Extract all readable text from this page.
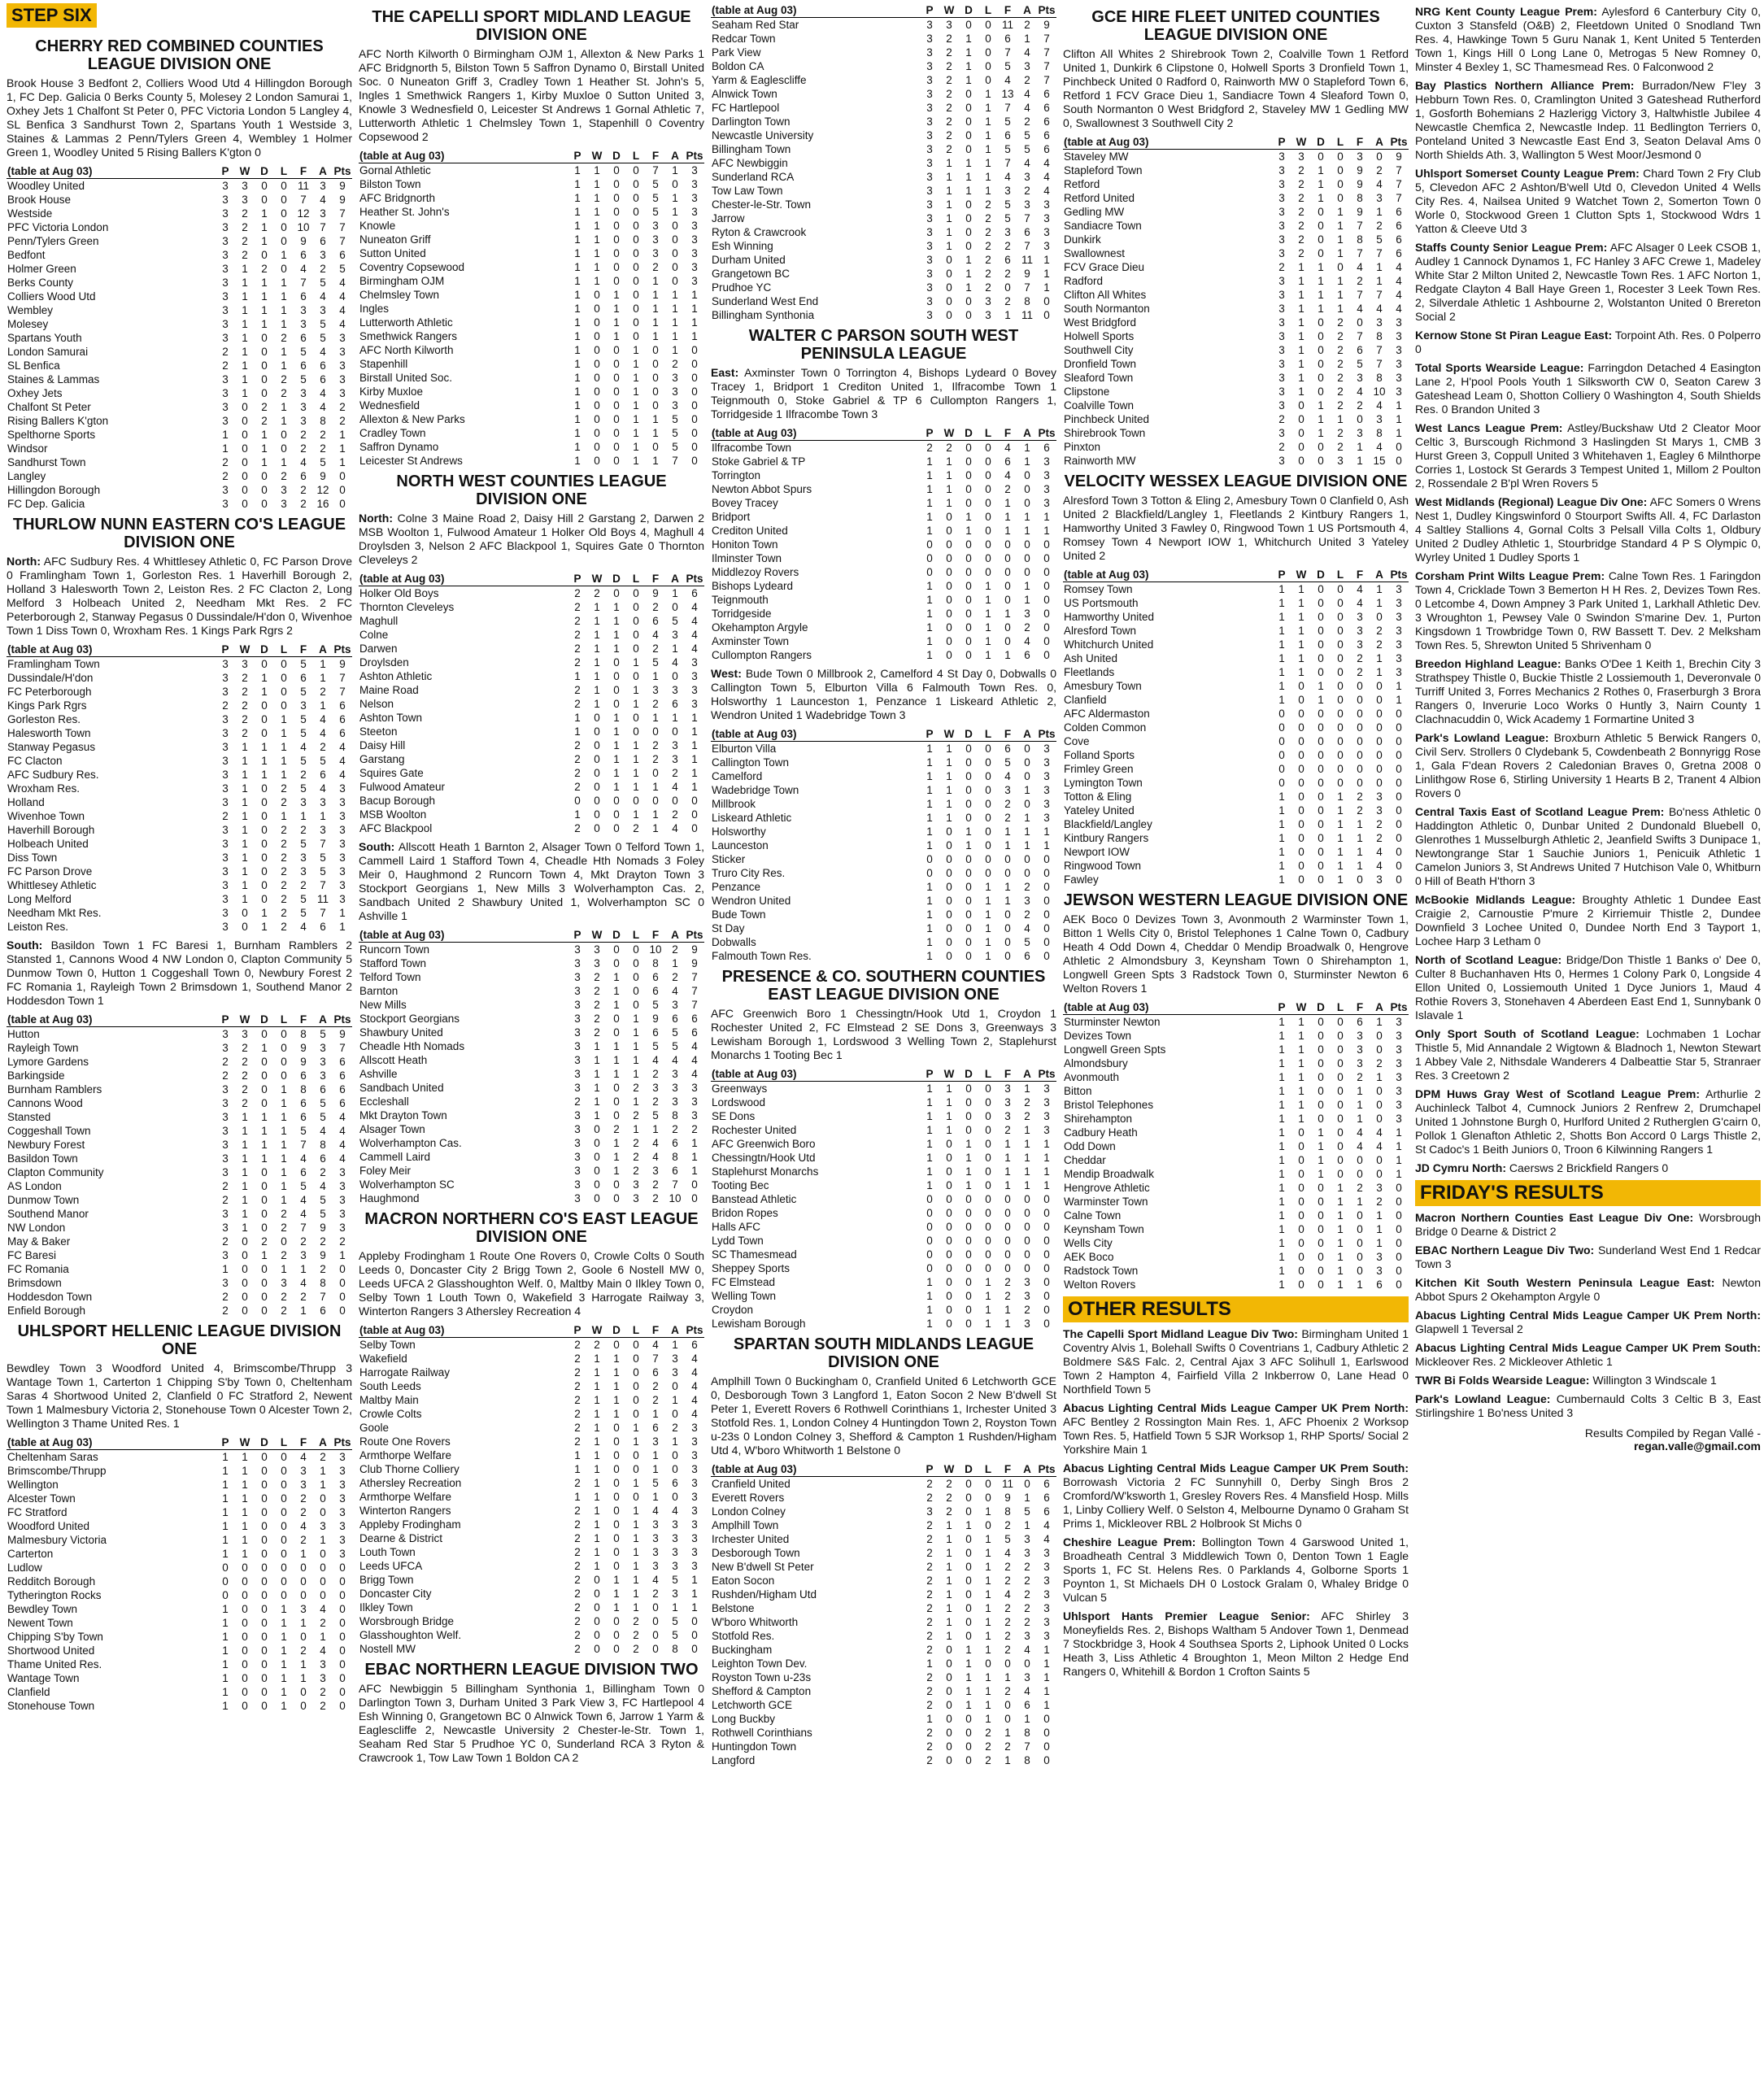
STEP SIX
CHERRY RED COMBINED COUNTIES LEAGUE DIVISION ONE

Brook House 3 Bedfont 2, Colliers Wood Utd 4 Hillingdon Borough 1, FC Dep. Galicia 0 Berks County 5, Molesey 2 London Samurai 1, Oxhey Jets 1 Chalfont St Peter 0, PFC Victoria London 5 Langley 4, SL Benfica 3 Sandhurst Town 2, Spartans Youth 1 Westside 3, Staines & Lammas 2 Penn/Tylers Green 4, Wembley 1 Holmer Green 1, Woodley United 5 Rising Ballers K'gton 0

(table at Aug 03)	P	W	D	L	F	A	Pts
Woodley United	3	3	0	0	11	3	9
Brook House	3	3	0	0	7	4	9
Westside	3	2	1	0	12	3	7
PFC Victoria London	3	2	1	0	10	7	7
Penn/Tylers Green	3	2	1	0	9	6	7
Bedfont	3	2	0	1	6	3	6
Holmer Green	3	1	2	0	4	2	5
Berks County	3	1	1	1	7	5	4
Colliers Wood Utd	3	1	1	1	6	4	4
Wembley	3	1	1	1	3	3	4
Molesey	3	1	1	1	3	5	4
Spartans Youth	3	1	0	2	6	5	3
London Samurai	2	1	0	1	5	4	3
SL Benfica	2	1	0	1	6	6	3
Staines & Lammas	3	1	0	2	5	6	3
Oxhey Jets	3	1	0	2	3	4	3
Chalfont St Peter	3	0	2	1	3	4	2
Rising Ballers K'gton	3	0	2	1	3	8	2
Spelthorne Sports	1	0	1	0	2	2	1
Windsor	1	0	1	0	2	2	1
Sandhurst Town	2	0	1	1	4	5	1
Langley	2	0	0	2	6	9	0
Hillingdon Borough	3	0	0	3	2	12	0
FC Dep. Galicia	3	0	0	3	2	16	0
THURLOW NUNN EASTERN CO'S LEAGUE DIVISION ONE

North: AFC Sudbury Res. 4 Whittlesey Athletic 0, FC Parson Drove 0 Framlingham Town 1, Gorleston Res. 1 Haverhill Borough 2, Holland 3 Halesworth Town 2, Leiston Res. 2 FC Clacton 2, Long Melford 3 Holbeach United 2, Needham Mkt Res. 2 FC Peterborough 2, Stanway Pegasus 0 Dussindale/H'don 0, Wivenhoe Town 1 Diss Town 0, Wroxham Res. 1 Kings Park Rgrs 2

(table at Aug 03)	P	W	D	L	F	A	Pts
Framlingham Town	3	3	0	0	5	1	9
Dussindale/H'don	3	2	1	0	6	1	7
FC Peterborough	3	2	1	0	5	2	7
Kings Park Rgrs	2	2	0	0	3	1	6
Gorleston Res.	3	2	0	1	5	4	6
Halesworth Town	3	2	0	1	5	4	6
Stanway Pegasus	3	1	1	1	4	2	4
FC Clacton	3	1	1	1	5	5	4
AFC Sudbury Res.	3	1	1	1	2	6	4
Wroxham Res.	3	1	0	2	5	4	3
Holland	3	1	0	2	3	3	3
Wivenhoe Town	2	1	0	1	1	1	3
Haverhill Borough	3	1	0	2	2	3	3
Holbeach United	3	1	0	2	5	7	3
Diss Town	3	1	0	2	3	5	3
FC Parson Drove	3	1	0	2	3	5	3
Whittlesey Athletic	3	1	0	2	2	7	3
Long Melford	3	1	0	2	5	11	3
Needham Mkt Res.	3	0	1	2	5	7	1
Leiston Res.	3	0	1	2	4	6	1

South: Basildon Town 1 FC Baresi 1, Burnham Ramblers 2 Stansted 1, Cannons Wood 4 NW London 0, Clapton Community 5 Dunmow Town 0, Hutton 1 Coggeshall Town 0, Newbury Forest 2 FC Romania 1, Rayleigh Town 2 Brimsdown 1, Southend Manor 2 Hoddesdon Town 1

(table at Aug 03)	P	W	D	L	F	A	Pts
Hutton	3	3	0	0	8	5	9
Rayleigh Town	3	2	1	0	9	3	7
Lymore Gardens	2	2	0	0	9	3	6
Barkingside	2	2	0	0	6	3	6
Burnham Ramblers	3	2	0	1	8	6	6
Cannons Wood	3	2	0	1	6	5	6
Stansted	3	1	1	1	6	5	4
Coggeshall Town	3	1	1	1	5	4	4
Newbury Forest	3	1	1	1	7	8	4
Basildon Town	3	1	1	1	4	6	4
Clapton Community	3	1	0	1	6	2	3
AS London	2	1	0	1	5	4	3
Dunmow Town	2	1	0	1	4	5	3
Southend Manor	3	1	0	2	4	5	3
NW London	3	1	0	2	7	9	3
May & Baker	2	0	2	0	2	2	2
FC Baresi	3	0	1	2	3	9	1
FC Romania	1	0	0	1	1	2	0
Brimsdown	3	0	0	3	4	8	0
Hoddesdon Town	2	0	0	2	2	7	0
Enfield Borough	2	0	0	2	1	6	0
UHLSPORT HELLENIC LEAGUE DIVISION ONE

Bewdley Town 3 Woodford United 4, Brimscombe/Thrupp 3 Wantage Town 1, Carterton 1 Chipping S'by Town 0, Cheltenham Saras 4 Shortwood United 2, Clanfield 0 FC Stratford 2, Newent Town 1 Malmesbury Victoria 2, Stonehouse Town 0 Alcester Town 2, Wellington 3 Thame United Res. 1

(table at Aug 03)	P	W	D	L	F	A	Pts
Cheltenham Saras	1	1	0	0	4	2	3
Brimscombe/Thrupp	1	1	0	0	3	1	3
Wellington	1	1	0	0	3	1	3
Alcester Town	1	1	0	0	2	0	3
FC Stratford	1	1	0	0	2	0	3
Woodford United	1	1	0	0	4	3	3
Malmesbury Victoria	1	1	0	0	2	1	3
Carterton	1	1	0	0	1	0	3
Ludlow	0	0	0	0	0	0	0
Redditch Borough	0	0	0	0	0	0	0
Tytherington Rocks	0	0	0	0	0	0	0
Bewdley Town	1	0	0	1	3	4	0
Newent Town	1	0	0	1	1	2	0
Chipping S'by Town	1	0	0	1	0	1	0
Shortwood United	1	0	0	1	2	4	0
Thame United Res.	1	0	0	1	1	3	0
Wantage Town	1	0	0	1	1	3	0
Clanfield	1	0	0	1	0	2	0
Stonehouse Town	1	0	0	1	0	2	0
THE CAPELLI SPORT MIDLAND LEAGUE DIVISION ONE

AFC North Kilworth 0 Birmingham OJM 1, Allexton & New Parks 1 AFC Bridgnorth 5, Bilston Town 5 Saffron Dynamo 0, Birstall United Soc. 0 Nuneaton Griff 3, Cradley Town 1 Heather St. John's 5, Ingles 1 Smethwick Rangers 1, Kirby Muxloe 0 Sutton United 3, Knowle 3 Wednesfield 0, Leicester St Andrews 1 Gornal Athletic 7, Lutterworth Athletic 1 Chelmsley Town 1, Stapenhill 0 Coventry Copsewood 2

(table at Aug 03)	P	W	D	L	F	A	Pts
Gornal Athletic	1	1	0	0	7	1	3
Bilston Town	1	1	0	0	5	0	3
AFC Bridgnorth	1	1	0	0	5	1	3
Heather St. John's	1	1	0	0	5	1	3
Knowle	1	1	0	0	3	0	3
Nuneaton Griff	1	1	0	0	3	0	3
Sutton United	1	1	0	0	3	0	3
Coventry Copsewood	1	1	0	0	2	0	3
Birmingham OJM	1	1	0	0	1	0	3
Chelmsley Town	1	0	1	0	1	1	1
Ingles	1	0	1	0	1	1	1
Lutterworth Athletic	1	0	1	0	1	1	1
Smethwick Rangers	1	0	1	0	1	1	1
AFC North Kilworth	1	0	0	1	0	1	0
Stapenhill	1	0	0	1	0	2	0
Birstall United Soc.	1	0	0	1	0	3	0
Kirby Muxloe	1	0	0	1	0	3	0
Wednesfield	1	0	0	1	0	3	0
Allexton & New Parks	1	0	0	1	1	5	0
Cradley Town	1	0	0	1	1	5	0
Saffron Dynamo	1	0	0	1	0	5	0
Leicester St Andrews	1	0	0	1	1	7	0
NORTH WEST COUNTIES LEAGUE DIVISION ONE

North: Colne 3 Maine Road 2, Daisy Hill 2 Garstang 2, Darwen 2 MSB Woolton 1, Fulwood Amateur 1 Holker Old Boys 4, Maghull 4 Droylsden 3, Nelson 2 AFC Blackpool 1, Squires Gate 0 Thornton Cleveleys 2

(table at Aug 03)	P	W	D	L	F	A	Pts
Holker Old Boys	2	2	0	0	9	1	6
Thornton Cleveleys	2	1	1	0	2	0	4
Maghull	2	1	1	0	6	5	4
Colne	2	1	1	0	4	3	4
Darwen	2	1	1	0	2	1	4
Droylsden	2	1	0	1	5	4	3
Ashton Athletic	1	1	0	0	1	0	3
Maine Road	2	1	0	1	3	3	3
Nelson	2	1	0	1	2	6	3
Ashton Town	1	0	1	0	1	1	1
Steeton	1	0	1	0	0	0	1
Daisy Hill	2	0	1	1	2	3	1
Garstang	2	0	1	1	2	3	1
Squires Gate	2	0	1	1	0	2	1
Fulwood Amateur	2	0	1	1	1	4	1
Bacup Borough	0	0	0	0	0	0	0
MSB Woolton	1	0	0	1	1	2	0
AFC Blackpool	2	0	0	2	1	4	0

South: Allscott Heath 1 Barnton 2, Alsager Town 0 Telford Town 1, Cammell Laird 1 Stafford Town 4, Cheadle Hth Nomads 3 Foley Meir 0, Haughmond 2 Runcorn Town 4, Mkt Drayton Town 3 Stockport Georgians 1, New Mills 3 Wolverhampton Cas. 2, Sandbach United 2 Shawbury United 1, Wolverhampton SC 0 Ashville 1

(table at Aug 03)	P	W	D	L	F	A	Pts
Runcorn Town	3	3	0	0	10	2	9
Stafford Town	3	3	0	0	8	1	9
Telford Town	3	2	1	0	6	2	7
Barnton	3	2	1	0	6	4	7
New Mills	3	2	1	0	5	3	7
Stockport Georgians	3	2	0	1	9	6	6
Shawbury United	3	2	0	1	6	5	6
Cheadle Hth Nomads	3	1	1	1	5	5	4
Allscott Heath	3	1	1	1	4	4	4
Ashville	3	1	1	1	2	3	4
Sandbach United	3	1	0	2	3	3	3
Eccleshall	2	1	0	1	2	3	3
Mkt Drayton Town	3	1	0	2	5	8	3
Alsager Town	3	0	2	1	1	2	2
Wolverhampton Cas.	3	0	1	2	4	6	1
Cammell Laird	3	0	1	2	4	8	1
Foley Meir	3	0	1	2	3	6	1
Wolverhampton SC	3	0	0	3	2	7	0
Haughmond	3	0	0	3	2	10	0
MACRON NORTHERN CO'S EAST LEAGUE DIVISION ONE

Appleby Frodingham 1 Route One Rovers 0, Crowle Colts 0 South Leeds 0, Doncaster City 2 Brigg Town 2, Goole 6 Nostell MW 0, Leeds UFCA 2 Glasshoughton Welf. 0, Maltby Main 0 Ilkley Town 0, Selby Town 1 Louth Town 0, Wakefield 3 Harrogate Railway 3, Winterton Rangers 3 Athersley Recreation 4

(table at Aug 03)	P	W	D	L	F	A	Pts
Selby Town	2	2	0	0	4	1	6
Wakefield	2	1	1	0	7	3	4
Harrogate Railway	2	1	1	0	6	3	4
South Leeds	2	1	1	0	2	0	4
Maltby Main	2	1	1	0	2	1	4
Crowle Colts	2	1	1	0	1	0	4
Goole	2	1	0	1	6	2	3
Route One Rovers	2	1	0	1	3	1	3
Armthorpe Welfare	1	1	0	0	1	0	3
Club Thorne Colliery	1	1	0	0	1	0	3
Athersley Recreation	2	1	0	1	5	6	3
Armthorpe Welfare	1	1	0	0	1	0	3
Winterton Rangers	2	1	0	1	4	4	3
Appleby Frodingham	2	1	0	1	3	3	3
Dearne & District	2	1	0	1	3	3	3
Louth Town	2	1	0	1	3	3	3
Leeds UFCA	2	1	0	1	3	3	3
Brigg Town	2	0	1	1	4	5	1
Doncaster City	2	0	1	1	2	3	1
Ilkley Town	2	0	1	1	0	1	1
Worsbrough Bridge	2	0	0	2	0	5	0
Glasshoughton Welf.	2	0	0	2	0	5	0
Nostell MW	2	0	0	2	0	8	0
EBAC NORTHERN LEAGUE DIVISION TWO

AFC Newbiggin 5 Billingham Synthonia 1, Billingham Town 0 Darlington Town 3, Durham United 3 Park View 3, FC Hartlepool 4 Esh Winning 0, Grangetown BC 0 Alnwick Town 6, Jarrow 1 Yarm & Eaglescliffe 2, Newcastle University 2 Chester-le-Str. Town 1, Seaham Red Star 5 Prudhoe YC 0, Sunderland RCA 3 Ryton & Crawcrook 1, Tow Law Town 1 Boldon CA 2

(table at Aug 03)	P	W	D	L	F	A	Pts
Seaham Red Star	3	3	0	0	11	2	9
Redcar Town	3	2	1	0	6	1	7
Park View	3	2	1	0	7	4	7
Boldon CA	3	2	1	0	5	3	7
Yarm & Eaglescliffe	3	2	1	0	4	2	7
Alnwick Town	3	2	0	1	13	4	6
FC Hartlepool	3	2	0	1	7	4	6
Darlington Town	3	2	0	1	5	2	6
Newcastle University	3	2	0	1	6	5	6
Billingham Town	3	2	0	1	5	5	6
AFC Newbiggin	3	1	1	1	7	4	4
Sunderland RCA	3	1	1	1	4	3	4
Tow Law Town	3	1	1	1	3	2	4
Chester-le-Str. Town	3	1	0	2	5	3	3
Jarrow	3	1	0	2	5	7	3
Ryton & Crawcrook	3	1	0	2	3	6	3
Esh Winning	3	1	0	2	2	7	3
Durham United	3	0	1	2	6	11	1
Grangetown BC	3	0	1	2	2	9	1
Prudhoe YC	3	0	1	2	0	7	1
Sunderland West End	3	0	0	3	2	8	0
Billingham Synthonia	3	0	0	3	1	11	0
WALTER C PARSON SOUTH WEST PENINSULA LEAGUE

East: Axminster Town 0 Torrington 4, Bishops Lydeard 0 Bovey Tracey 1, Bridport 1 Crediton United 1, Ilfracombe Town 1 Teignmouth 0, Stoke Gabriel & TP 6 Cullompton Rangers 1, Torridgeside 1 Ilfracombe Town 3

(table at Aug 03)	P	W	D	L	F	A	Pts
Ilfracombe Town	2	2	0	0	4	1	6
Stoke Gabriel & TP	1	1	0	0	6	1	3
Torrington	1	1	0	0	4	0	3
Newton Abbot Spurs	1	1	0	0	2	0	3
Bovey Tracey	1	1	0	0	1	0	3
Bridport	1	0	1	0	1	1	1
Crediton United	1	0	1	0	1	1	1
Honiton Town	0	0	0	0	0	0	0
Ilminster Town	0	0	0	0	0	0	0
Middlezoy Rovers	0	0	0	0	0	0	0
Bishops Lydeard	1	0	0	1	0	1	0
Teignmouth	1	0	0	1	0	1	0
Torridgeside	1	0	0	1	1	3	0
Okehampton Argyle	1	0	0	1	0	2	0
Axminster Town	1	0	0	1	0	4	0
Cullompton Rangers	1	0	0	1	1	6	0

West: Bude Town 0 Millbrook 2, Camelford 4 St Day 0, Dobwalls 0 Callington Town 5, Elburton Villa 6 Falmouth Town Res. 0, Holsworthy 1 Launceston 1, Penzance 1 Liskeard Athletic 2, Wendron United 1 Wadebridge Town 3

(table at Aug 03)	P	W	D	L	F	A	Pts
Elburton Villa	1	1	0	0	6	0	3
Callington Town	1	1	0	0	5	0	3
Camelford	1	1	0	0	4	0	3
Wadebridge Town	1	1	0	0	3	1	3
Millbrook	1	1	0	0	2	0	3
Liskeard Athletic	1	1	0	0	2	1	3
Holsworthy	1	0	1	0	1	1	1
Launceston	1	0	1	0	1	1	1
Sticker	0	0	0	0	0	0	0
Truro City Res.	0	0	0	0	0	0	0
Penzance	1	0	0	1	1	2	0
Wendron United	1	0	0	1	1	3	0
Bude Town	1	0	0	1	0	2	0
St Day	1	0	0	1	0	4	0
Dobwalls	1	0	0	1	0	5	0
Falmouth Town Res.	1	0	0	1	0	6	0
PRESENCE & CO. SOUTHERN COUNTIES EAST LEAGUE DIVISION ONE

AFC Greenwich Boro 1 Chessingtn/Hook Utd 1, Croydon 1 Rochester United 2, FC Elmstead 2 SE Dons 3, Greenways 3 Lewisham Borough 1, Lordswood 3 Welling Town 2, Staplehurst Monarchs 1 Tooting Bec 1

(table at Aug 03)	P	W	D	L	F	A	Pts
Greenways	1	1	0	0	3	1	3
Lordswood	1	1	0	0	3	2	3
SE Dons	1	1	0	0	3	2	3
Rochester United	1	1	0	0	2	1	3
AFC Greenwich Boro	1	0	1	0	1	1	1
Chessingtn/Hook Utd	1	0	1	0	1	1	1
Staplehurst Monarchs	1	0	1	0	1	1	1
Tooting Bec	1	0	1	0	1	1	1
Banstead Athletic	0	0	0	0	0	0	0
Bridon Ropes	0	0	0	0	0	0	0
Halls AFC	0	0	0	0	0	0	0
Lydd Town	0	0	0	0	0	0	0
SC Thamesmead	0	0	0	0	0	0	0
Sheppey Sports	0	0	0	0	0	0	0
FC Elmstead	1	0	0	1	2	3	0
Welling Town	1	0	0	1	2	3	0
Croydon	1	0	0	1	1	2	0
Lewisham Borough	1	0	0	1	1	3	0
SPARTAN SOUTH MIDLANDS LEAGUE DIVISION ONE

Amplhill Town 0 Buckingham 0, Cranfield United 6 Letchworth GCE 0, Desborough Town 3 Langford 1, Eaton Socon 2 New B'dwell St Peter 1, Everett Rovers 6 Rothwell Corinthians 1, Irchester United 3 Stotfold Res. 1, London Colney 4 Huntingdon Town 2, Royston Town u-23s 0 London Colney 3, Shefford & Campton 1 Rushden/Higham Utd 4, W'boro Whitworth 1 Belstone 0

(table at Aug 03)	P	W	D	L	F	A	Pts
Cranfield United	2	2	0	0	11	0	6
Everett Rovers	2	2	0	0	9	1	6
London Colney	3	2	0	1	8	5	6
Amplhill Town	2	1	1	0	2	1	4
Irchester United	2	1	0	1	5	3	4
Desborough Town	2	1	0	1	4	3	3
New B'dwell St Peter	2	1	0	1	2	2	3
Eaton Socon	2	1	0	1	2	2	3
Rushden/Higham Utd	2	1	0	1	4	2	3
Belstone	2	1	0	1	2	2	3
W'boro Whitworth	2	1	0	1	2	2	3
Stotfold Res.	2	1	0	1	2	3	3
Buckingham	2	0	1	1	2	4	1
Leighton Town Dev.	1	0	1	0	0	0	1
Royston Town u-23s	2	0	1	1	1	3	1
Shefford & Campton	2	0	1	1	2	4	1
Letchworth GCE	2	0	1	1	0	6	1
Long Buckby	1	0	0	1	0	1	0
Rothwell Corinthians	2	0	0	2	1	8	0
Huntingdon Town	2	0	0	2	2	7	0
Langford	2	0	0	2	1	8	0
GCE HIRE FLEET UNITED COUNTIES LEAGUE DIVISION ONE

Clifton All Whites 2 Shirebrook Town 2, Coalville Town 1 Retford United 1, Dunkirk 6 Clipstone 0, Holwell Sports 3 Dronfield Town 1, Pinchbeck United 0 Radford 0, Rainworth MW 0 Stapleford Town 6, Retford 1 FCV Grace Dieu 1, Sandiacre Town 4 Sleaford Town 0, South Normanton 0 West Bridgford 2, Staveley MW 1 Gedling MW 0, Swallownest 3 Southwell City 2

(table at Aug 03)	P	W	D	L	F	A	Pts
Staveley MW	3	3	0	0	3	0	9
Stapleford Town	3	2	1	0	9	2	7
Retford	3	2	1	0	9	4	7
Retford United	3	2	1	0	8	3	7
Gedling MW	3	2	0	1	9	1	6
Sandiacre Town	3	2	0	1	7	2	6
Dunkirk	3	2	0	1	8	5	6
Swallownest	3	2	0	1	7	7	6
FCV Grace Dieu	2	1	1	0	4	1	4
Radford	3	1	1	1	2	1	4
Clifton All Whites	3	1	1	1	7	7	4
South Normanton	3	1	1	1	4	4	4
West Bridgford	3	1	0	2	0	3	3
Holwell Sports	3	1	0	2	7	8	3
Southwell City	3	1	0	2	6	7	3
Dronfield Town	3	1	0	2	5	7	3
Sleaford Town	3	1	0	2	3	8	3
Clipstone	3	1	0	2	4	10	3
Coalville Town	3	0	1	2	2	4	1
Pinchbeck United	2	0	1	1	0	3	1
Shirebrook Town	3	0	1	2	3	8	1
Pinxton	2	0	0	2	1	4	0
Rainworth MW	3	0	0	3	1	15	0
VELOCITY WESSEX LEAGUE DIVISION ONE

Alresford Town 3 Totton & Eling 2, Amesbury Town 0 Clanfield 0, Ash United 2 Blackfield/Langley 1, Fleetlands 2 Kintbury Rangers 1, Hamworthy United 3 Fawley 0, Ringwood Town 1 US Portsmouth 4, Romsey Town 4 Newport IOW 1, Whitchurch United 3 Yateley United 2

(table at Aug 03)	P	W	D	L	F	A	Pts
Romsey Town	1	1	0	0	4	1	3
US Portsmouth	1	1	0	0	4	1	3
Hamworthy United	1	1	0	0	3	0	3
Alresford Town	1	1	0	0	3	2	3
Whitchurch United	1	1	0	0	3	2	3
Ash United	1	1	0	0	2	1	3
Fleetlands	1	1	0	0	2	1	3
Amesbury Town	1	0	1	0	0	0	1
Clanfield	1	0	1	0	0	0	1
AFC Aldermaston	0	0	0	0	0	0	0
Colden Common	0	0	0	0	0	0	0
Cove	0	0	0	0	0	0	0
Folland Sports	0	0	0	0	0	0	0
Frimley Green	0	0	0	0	0	0	0
Lymington Town	0	0	0	0	0	0	0
Totton & Eling	1	0	0	1	2	3	0
Yateley United	1	0	0	1	2	3	0
Blackfield/Langley	1	0	0	1	1	2	0
Kintbury Rangers	1	0	0	1	1	2	0
Newport IOW	1	0	0	1	1	4	0
Ringwood Town	1	0	0	1	1	4	0
Fawley	1	0	0	1	0	3	0
JEWSON WESTERN LEAGUE DIVISION ONE

AEK Boco 0 Devizes Town 3, Avonmouth 2 Warminster Town 1, Bitton 1 Wells City 0, Bristol Telephones 1 Calne Town 0, Cadbury Heath 4 Odd Down 4, Cheddar 0 Mendip Broadwalk 0, Hengrove Athletic 2 Almondsbury 3, Keynsham Town 0 Shirehampton 1, Longwell Green Spts 3 Radstock Town 0, Sturminster Newton 6 Welton Rovers 1

(table at Aug 03)	P	W	D	L	F	A	Pts
Sturminster Newton	1	1	0	0	6	1	3
Devizes Town	1	1	0	0	3	0	3
Longwell Green Spts	1	1	0	0	3	0	3
Almondsbury	1	1	0	0	3	2	3
Avonmouth	1	1	0	0	2	1	3
Bitton	1	1	0	0	1	0	3
Bristol Telephones	1	1	0	0	1	0	3
Shirehampton	1	1	0	0	1	0	3
Cadbury Heath	1	0	1	0	4	4	1
Odd Down	1	0	1	0	4	4	1
Cheddar	1	0	1	0	0	0	1
Mendip Broadwalk	1	0	1	0	0	0	1
Hengrove Athletic	1	0	0	1	2	3	0
Warminster Town	1	0	0	1	1	2	0
Calne Town	1	0	0	1	0	1	0
Keynsham Town	1	0	0	1	0	1	0
Wells City	1	0	0	1	0	1	0
AEK Boco	1	0	0	1	0	3	0
Radstock Town	1	0	0	1	0	3	0
Welton Rovers	1	0	0	1	1	6	0
OTHER RESULTS

The Capelli Sport Midland League Div Two: Birmingham United 1 Coventry Alvis 1, Bolehall Swifts 0 Coventrians 1, Cadbury Athletic 2 Boldmere S&S Falc. 2, Central Ajax 3 AFC Solihull 1, Earlswood Town 2 Hampton 4, Fairfield Villa 2 Inkberrow 0, Lane Head 0 Northfield Town 5

Abacus Lighting Central Mids League Camper UK Prem North: AFC Bentley 2 Rossington Main Res. 1, AFC Phoenix 2 Worksop Town Res. 5, Hatfield Town 5 SJR Worksop 1, RHP Sports/ Social 2 Yorkshire Main 1

Abacus Lighting Central Mids League Camper UK Prem South: Borrowash Victoria 2 FC Sunnyhill 0, Derby Singh Bros 2 Cromford/W'ksworth 1, Gresley Rovers Res. 4 Mansfield Hosp. Mills 1, Linby Colliery Welf. 0 Selston 4, Melbourne Dynamo 0 Graham St Prims 1, Mickleover RBL 2 Holbrook St Michs 0

Cheshire League Prem: Bollington Town 4 Garswood United 1, Broadheath Central 3 Middlewich Town 0, Denton Town 1 Eagle Sports 1, FC St. Helens Res. 0 Parklands 4, Golborne Sports 1 Poynton 1, St Michaels DH 0 Lostock Gralam 0, Whaley Bridge 0 Vulcan 5

Uhlsport Hants Premier League Senior: AFC Shirley 3 Moneyfields Res. 2, Bishops Waltham 5 Andover Town 1, Denmead 7 Stockbridge 3, Hook 4 Southsea Sports 2, Liphook United 0 Locks Heath 3, Liss Athletic 4 Broughton 1, Meon Milton 2 Hedge End Rangers 0, Whitehill & Bordon 1 Crofton Saints 5

NRG Kent County League Prem: Aylesford 6 Canterbury City 0, Cuxton 3 Stansfeld (O&B) 2, Fleetdown United 0 Snodland Twn Res. 4, Hawkinge Town 5 Guru Nanak 1, Kent United 5 Tenterden Town 1, Kings Hill 0 Long Lane 0, Metrogas 5 New Romney 0, Minster 4 Bexley 1, SC Thamesmead Res. 0 Falconwood 2

Bay Plastics Northern Alliance Prem: Burradon/New F'ley 3 Hebburn Town Res. 0, Cramlington United 3 Gateshead Rutherford 1, Gosforth Bohemians 2 Hazlerigg Victory 3, Haltwhistle Jubilee 4 Newcastle Chemfica 2, Newcastle Indep. 11 Bedlington Terriers 0, Ponteland United 3 Newcastle East End 3, Seaton Delaval Ams 0 North Shields Ath. 3, Wallington 5 West Moor/Jesmond 0

Uhlsport Somerset County League Prem: Chard Town 2 Fry Club 5, Clevedon AFC 2 Ashton/B'well Utd 0, Clevedon United 4 Wells City Res. 4, Nailsea United 9 Watchet Town 2, Somerton Town 0 Worle 0, Stockwood Green 1 Clutton Spts 1, Stockwood Wdrs 1 Yatton & Cleeve Utd 3

Staffs County Senior League Prem: AFC Alsager 0 Leek CSOB 1, Audley 1 Cannock Dynamos 1, FC Hanley 3 AFC Crewe 1, Madeley White Star 2 Milton United 2, Newcastle Town Res. 1 AFC Norton 1, Redgate Clayton 4 Ball Haye Green 1, Rocester 3 Leek Town Res. 2, Silverdale Athletic 1 Ashbourne 2, Wolstanton United 0 Brereton Social 2

Kernow Stone St Piran League East: Torpoint Ath. Res. 0 Polperro 0

Total Sports Wearside League: Farringdon Detached 4 Easington Lane 2, H'pool Pools Youth 1 Silksworth CW 0, Seaton Carew 3 Gateshead Leam 0, Shotton Colliery 0 Washington 4, South Shields Res. 0 Brandon United 3

West Lancs League Prem: Astley/Buckshaw Utd 2 Cleator Moor Celtic 3, Burscough Richmond 3 Haslingden St Marys 1, CMB 3 Hurst Green 3, Coppull United 3 Whitehaven 1, Eagley 6 Milnthorpe Corries 1, Lostock St Gerards 3 Tempest United 1, Millom 2 Poulton 2, Rossendale 2 B'pl Wren Rovers 5

West Midlands (Regional) League Div One: AFC Somers 0 Wrens Nest 1, Dudley Kingswinford 0 Stourport Swifts All. 4, FC Darlaston 4 Saltley Stallions 4, Gornal Colts 3 Pelsall Villa Colts 1, Oldbury United 2 Dudley Athletic 1, Stourbridge Standard 4 P S Olympic 0, Wyrley United 1 Dudley Sports 1

Corsham Print Wilts League Prem: Calne Town Res. 1 Faringdon Town 4, Cricklade Town 3 Bemerton H H Res. 2, Devizes Town Res. 0 Letcombe 4, Down Ampney 3 Park United 1, Larkhall Athletic Dev. 3 Wroughton 1, Pewsey Vale 0 Swindon S'marine Dev. 1, Purton Kingsdown 1 Trowbridge Town 0, RW Bassett T. Dev. 2 Melksham Town Res. 5, Shrewton United 5 Shrivenham 0

Breedon Highland League: Banks O'Dee 1 Keith 1, Brechin City 3 Strathspey Thistle 0, Buckie Thistle 2 Lossiemouth 1, Deveronvale 0 Turriff United 3, Forres Mechanics 2 Rothes 0, Fraserburgh 3 Brora Rangers 0, Inverurie Loco Works 0 Huntly 3, Nairn County 1 Clachnacuddin 0, Wick Academy 1 Formartine United 3

Park's Lowland League: Broxburn Athletic 5 Berwick Rangers 0, Civil Serv. Strollers 0 Clydebank 5, Cowdenbeath 2 Bonnyrigg Rose 1, Gala F'dean Rovers 2 Caledonian Braves 0, Gretna 2008 0 Linlithgow Rose 6, Stirling University 1 Hearts B 2, Tranent 4 Albion Rovers 0

Central Taxis East of Scotland League Prem: Bo'ness Athletic 0 Haddington Athletic 0, Dunbar United 2 Dundonald Bluebell 0, Glenrothes 1 Musselburgh Athletic 2, Jeanfield Swifts 3 Dunipace 1, Newtongrange Star 1 Sauchie Juniors 1, Penicuik Athletic 1 Camelon Juniors 3, St Andrews United 7 Hutchison Vale 0, Whitburn 0 Hill of Beath H'thorn 3

McBookie Midlands League: Broughty Athletic 1 Dundee East Craigie 2, Carnoustie P'mure 2 Kirriemuir Thistle 2, Dundee Downfield 3 Lochee United 0, Dundee North End 3 Tayport 1, Lochee Harp 3 Letham 0

North of Scotland League: Bridge/Don Thistle 1 Banks o' Dee 0, Culter 8 Buchanhaven Hts 0, Hermes 1 Colony Park 0, Longside 4 Ellon United 0, Lossiemouth United 1 Dyce Juniors 1, Maud 4 Rothie Rovers 3, Stonehaven 4 Aberdeen East End 1, Sunnybank 0 Islavale 1

Only Sport South of Scotland League: Lochmaben 1 Lochar Thistle 5, Mid Annandale 2 Wigtown & Bladnoch 1, Newton Stewart 1 Abbey Vale 2, Nithsdale Wanderers 4 Dalbeattie Star 5, Stranraer Res. 3 Creetown 2

DPM Huws Gray West of Scotland League Prem: Arthurlie 2 Auchinleck Talbot 4, Cumnock Juniors 2 Renfrew 2, Drumchapel United 1 Johnstone Burgh 0, Hurlford United 2 Rutherglen G'cairn 0, Pollok 1 Glenafton Athletic 2, Shotts Bon Accord 0 Largs Thistle 2, St Cadoc's 1 Beith Juniors 0, Troon 6 Kilwinning Rangers 1

JD Cymru North: Caersws 2 Brickfield Rangers 0

FRIDAY'S RESULTS

Macron Northern Counties East League Div One: Worsbrough Bridge 0 Dearne & District 2

EBAC Northern League Div Two: Sunderland West End 1 Redcar Town 3

Kitchen Kit South Western Peninsula League East: Newton Abbot Spurs 2 Okehampton Argyle 0

Abacus Lighting Central Mids League Camper UK Prem North: Glapwell 1 Teversal 2

Abacus Lighting Central Mids League Camper UK Prem South: Mickleover Res. 2 Mickleover Athletic 1

TWR Bi Folds Wearside League: Willington 3 Windscale 1

Park's Lowland League: Cumbernauld Colts 3 Celtic B 3, East Stirlingshire 1 Bo'ness United 3

Results Compiled by Regan Vallé -
regan.valle@gmail.com
